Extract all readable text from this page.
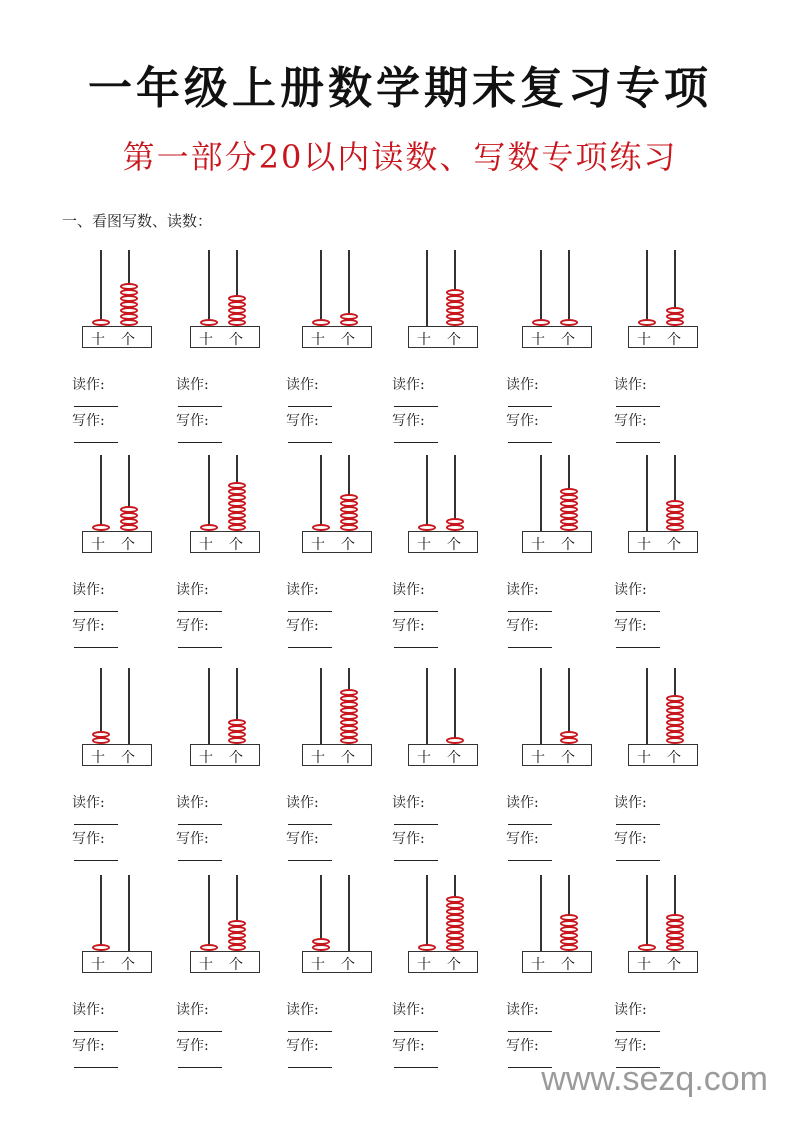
一年级上册数学期末复习专项
第一部分20以内读数、写数专项练习
一、看图写数、读数：
十 个
读作:
写作:
十 个
读作:
写作:
十 个
读作:
写作:
十 个
读作:
写作:
十 个
读作:
写作:
十 个
读作:
写作:
十 个
读作:
写作:
十 个
读作:
写作:
十 个
读作:
写作:
十 个
读作:
写作:
十 个
读作:
写作:
十 个
读作:
写作:
十 个
读作:
写作:
十 个
读作:
写作:
十 个
读作:
写作:
十 个
读作:
写作:
十 个
读作:
写作:
十 个
读作:
写作:
十 个
读作:
写作:
十 个
读作:
写作:
十 个
读作:
写作:
十 个
读作:
写作:
十 个
读作:
写作:
十 个
读作:
写作:
www.sezq.com
